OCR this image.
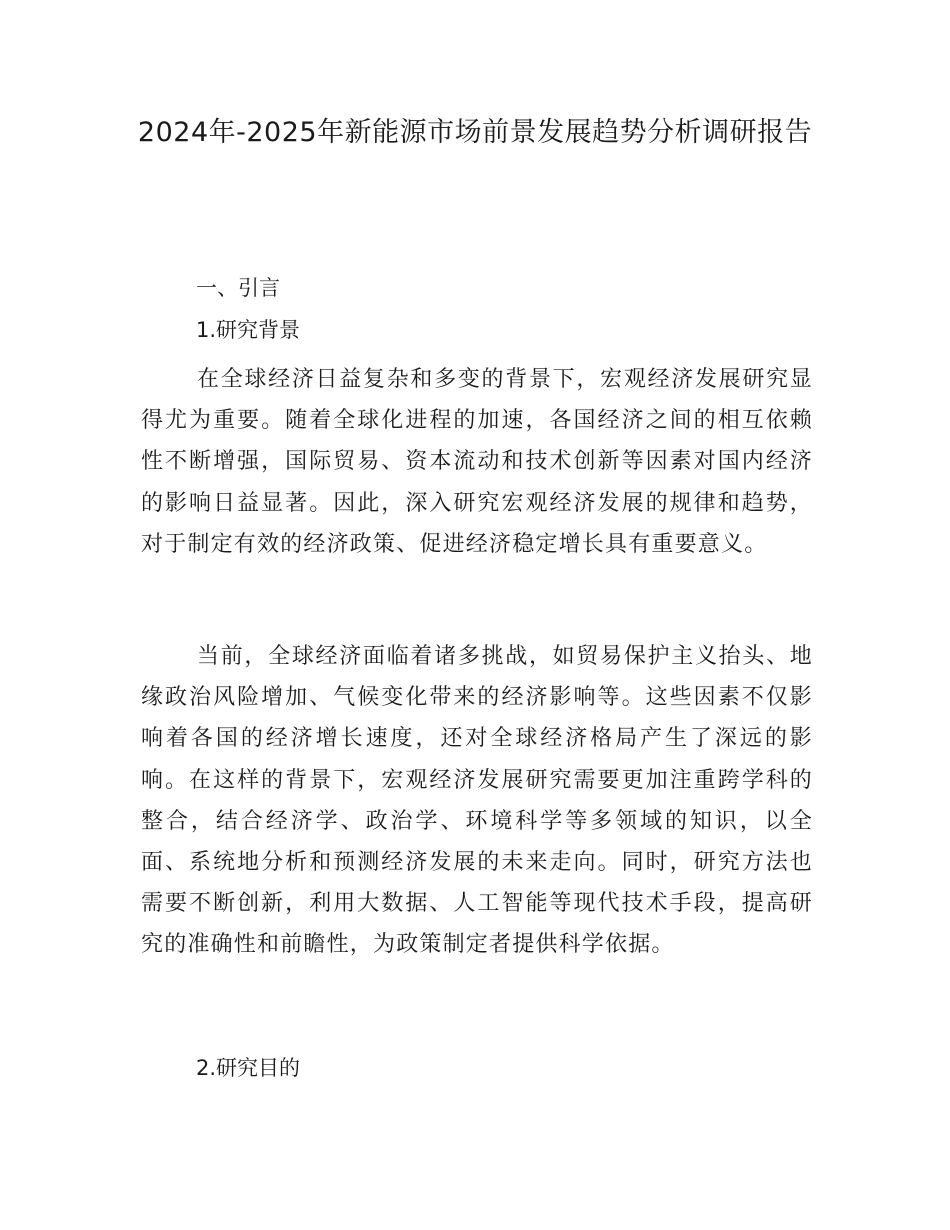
2024年-2025年新能源市场前景发展趋势分析调研报告

一、引言

1.研究背景

在全球经济日益复杂和多变的背景下，宏观经济发展研究显得尤为重要。随着全球化进程的加速，各国经济之间的相互依赖性不断增强，国际贸易、资本流动和技术创新等因素对国内经济的影响日益显著。因此，深入研究宏观经济发展的规律和趋势，对于制定有效的经济政策、促进经济稳定增长具有重要意义。

当前，全球经济面临着诸多挑战，如贸易保护主义抬头、地缘政治风险增加、气候变化带来的经济影响等。这些因素不仅影响着各国的经济增长速度，还对全球经济格局产生了深远的影响。在这样的背景下，宏观经济发展研究需要更加注重跨学科的整合，结合经济学、政治学、环境科学等多领域的知识，以全面、系统地分析和预测经济发展的未来走向。同时，研究方法也需要不断创新，利用大数据、人工智能等现代技术手段，提高研究的准确性和前瞻性，为政策制定者提供科学依据。

2.研究目的
